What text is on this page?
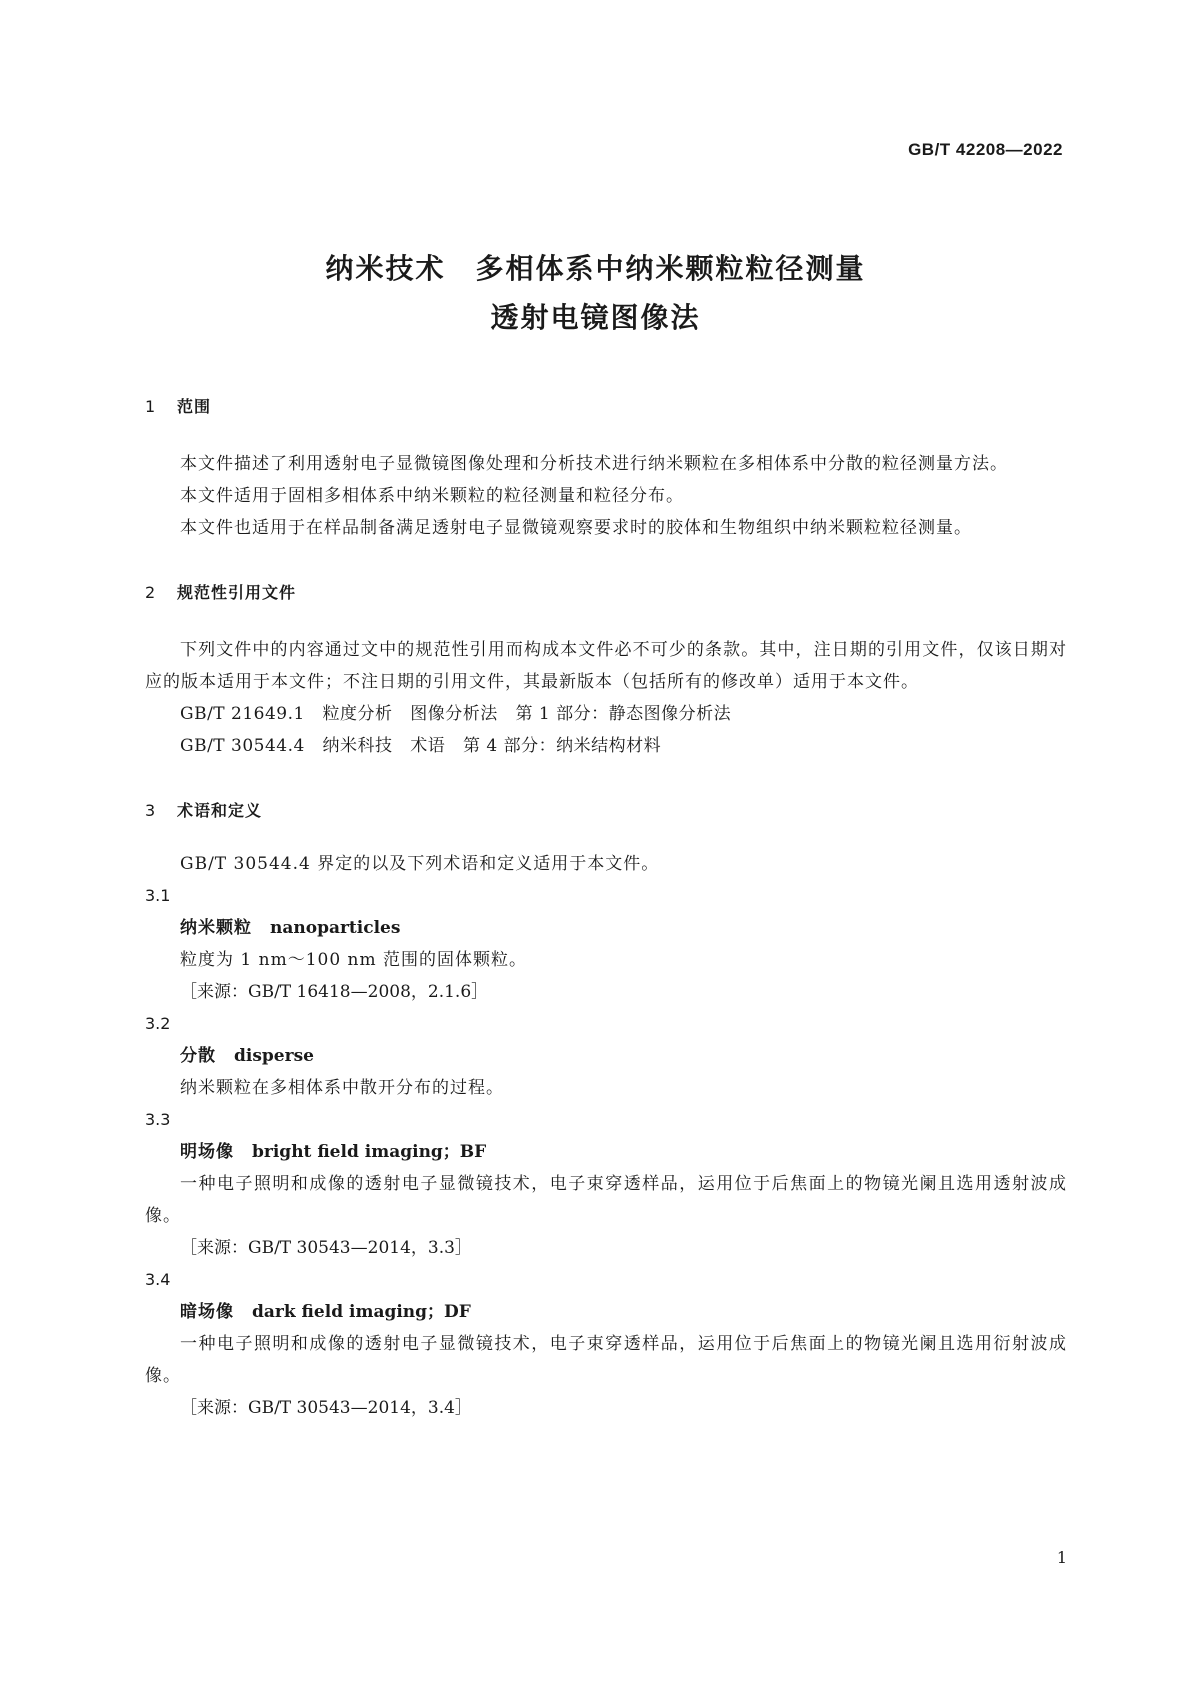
GB/T 42208—2022
纳米技术 多相体系中纳米颗粒粒径测量
透射电镜图像法
1 范围

本文件描述了利用透射电子显微镜图像处理和分析技术进行纳米颗粒在多相体系中分散的粒径测量方法。

本文件适用于固相多相体系中纳米颗粒的粒径测量和粒径分布。

本文件也适用于在样品制备满足透射电子显微镜观察要求时的胶体和生物组织中纳米颗粒粒径测量。

2 规范性引用文件

下列文件中的内容通过文中的规范性引用而构成本文件必不可少的条款。其中，注日期的引用文件，仅该日期对应的版本适用于本文件；不注日期的引用文件，其最新版本（包括所有的修改单）适用于本文件。

GB/T 21649.1   粒度分析   图像分析法   第 1 部分：静态图像分析法
GB/T 30544.4   纳米科技   术语   第 4 部分：纳米结构材料
3 术语和定义

GB/T 30544.4 界定的以及下列术语和定义适用于本文件。

3.1
纳米颗粒 nanoparticles

粒度为 1 nm～100 nm 范围的固体颗粒。

［来源：GB/T 16418—2008，2.1.6］
3.2
分散 disperse

纳米颗粒在多相体系中散开分布的过程。

3.3
明场像 bright field imaging；BF

一种电子照明和成像的透射电子显微镜技术，电子束穿透样品，运用位于后焦面上的物镜光阑且选用透射波成像。

［来源：GB/T 30543—2014，3.3］
3.4
暗场像 dark field imaging；DF

一种电子照明和成像的透射电子显微镜技术，电子束穿透样品，运用位于后焦面上的物镜光阑且选用衍射波成像。

［来源：GB/T 30543—2014，3.4］
1
